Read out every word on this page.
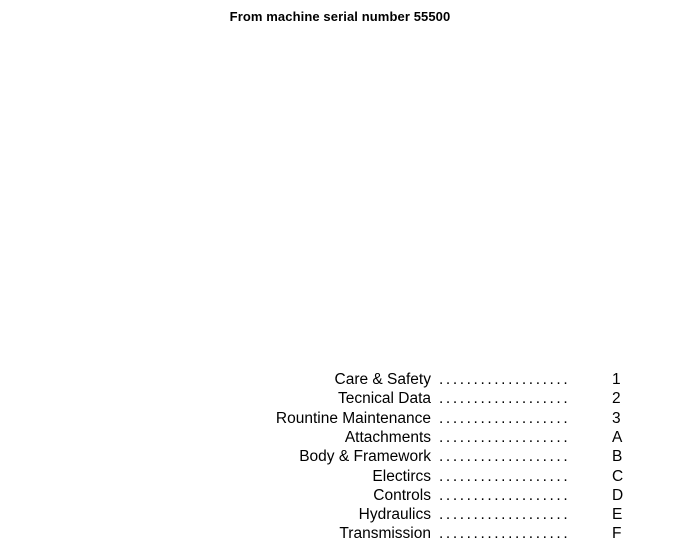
From machine serial number 55500
Care & Safety ...................	1
Tecnical Data ...................	2
Rountine Maintenance ...................	3
Attachments ...................	A
Body & Framework ...................	B
Electircs ...................	C
Controls ...................	D
Hydraulics ...................	E
Transmission ...................	F
